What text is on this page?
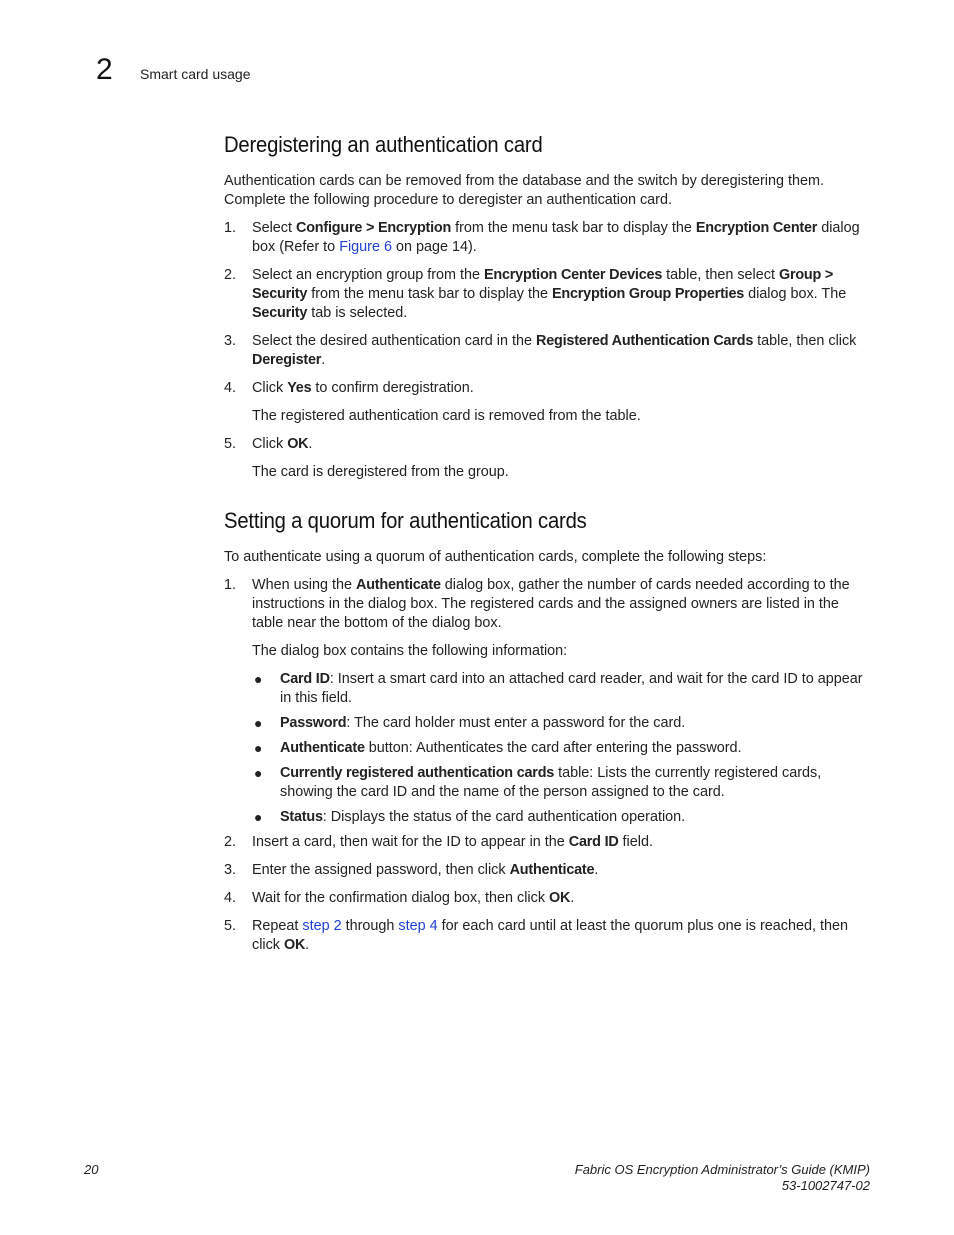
2 Smart card usage
Deregistering an authentication card

Authentication cards can be removed from the database and the switch by deregistering them. Complete the following procedure to deregister an authentication card.

1. Select Configure > Encryption from the menu task bar to display the Encryption Center dialog box (Refer to Figure 6 on page 14).
2. Select an encryption group from the Encryption Center Devices table, then select Group > Security from the menu task bar to display the Encryption Group Properties dialog box. The Security tab is selected.
3. Select the desired authentication card in the Registered Authentication Cards table, then click Deregister.
4. Click Yes to confirm deregistration.

The registered authentication card is removed from the table.

5. Click OK.

The card is deregistered from the group.

Setting a quorum for authentication cards

To authenticate using a quorum of authentication cards, complete the following steps:

1. When using the Authenticate dialog box, gather the number of cards needed according to the instructions in the dialog box. The registered cards and the assigned owners are listed in the table near the bottom of the dialog box.

The dialog box contains the following information:

● Card ID: Insert a smart card into an attached card reader, and wait for the card ID to appear in this field.
● Password: The card holder must enter a password for the card.
● Authenticate button: Authenticates the card after entering the password.
● Currently registered authentication cards table: Lists the currently registered cards, showing the card ID and the name of the person assigned to the card.
● Status: Displays the status of the card authentication operation.
2. Insert a card, then wait for the ID to appear in the Card ID field.
3. Enter the assigned password, then click Authenticate.
4. Wait for the confirmation dialog box, then click OK.
5. Repeat step 2 through step 4 for each card until at least the quorum plus one is reached, then click OK.
20	Fabric OS Encryption Administrator’s Guide (KMIP)
53-1002747-02
